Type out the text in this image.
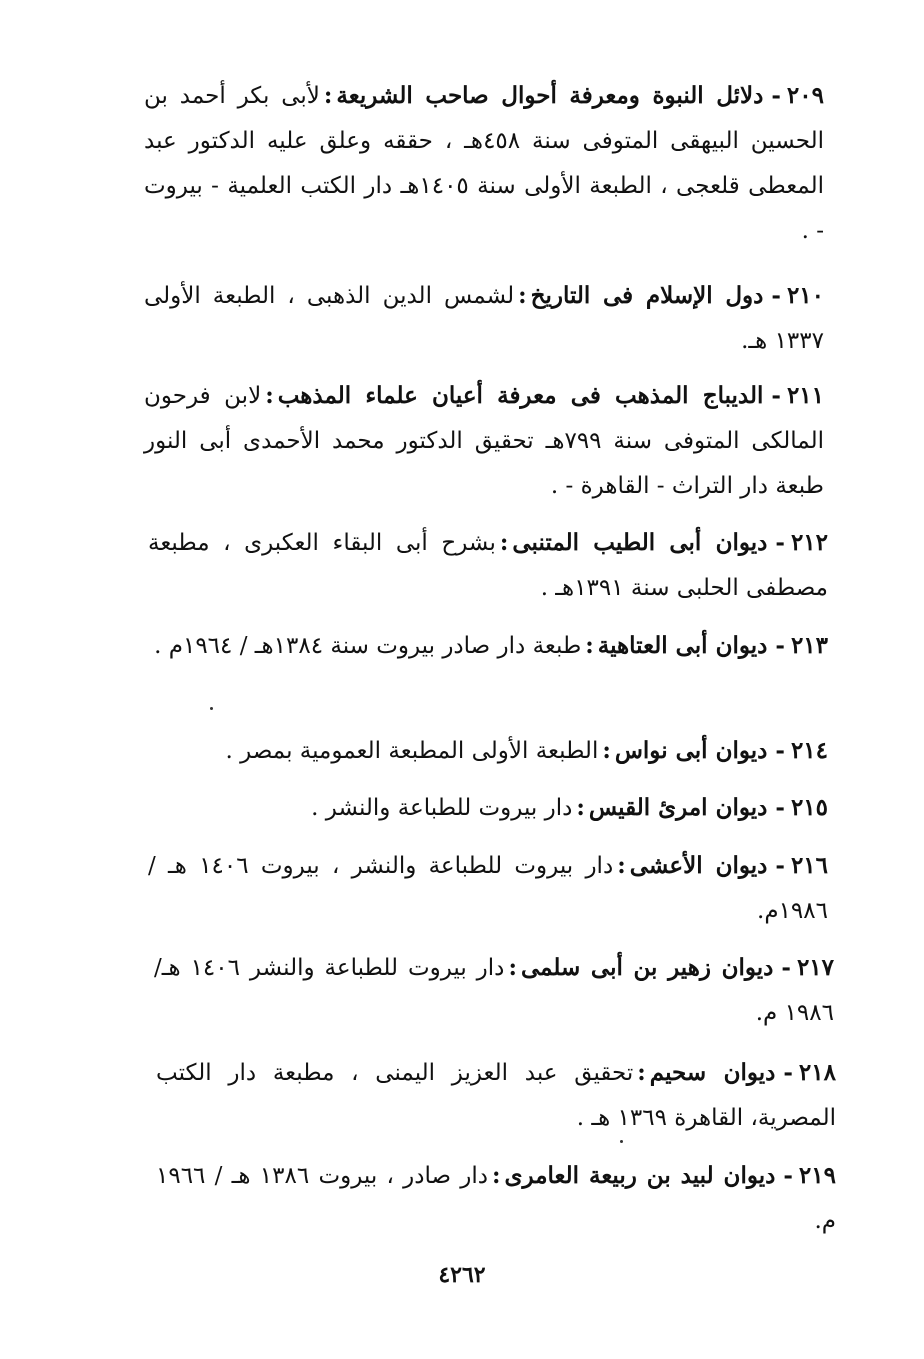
٢٠٩-دلائل النبوة ومعرفة أحوال صاحب الشريعة:لأبى بكر أحمد بن الحسين البيهقى المتوفى سنة ٤٥٨هـ ، حققه وعلق عليه الدكتور عبد المعطى قلعجى ، الطبعة الأولى سنة ١٤٠٥هـ دار الكتب العلمية - بيروت - .
٢١٠-دول الإسلام فى التاريخ:لشمس الدين الذهبى ، الطبعة الأولى ١٣٣٧ هـ.
٢١١-الديباج المذهب فى معرفة أعيان علماء المذهب:لابن فرحون المالكى المتوفى سنة ٧٩٩هـ تحقيق الدكتور محمد الأحمدى أبى النور طبعة دار التراث - القاهرة - .
٢١٢-ديوان أبى الطيب المتنبى:بشرح أبى البقاء العكبرى ، مطبعة مصطفى الحلبى سنة ١٣٩١هـ .
٢١٣-ديوان أبى العتاهية:طبعة دار صادر بيروت سنة ١٣٨٤هـ / ١٩٦٤م .
٢١٤-ديوان أبى نواس:الطبعة الأولى المطبعة العمومية بمصر .
٢١٥-ديوان امرئ القيس:دار بيروت للطباعة والنشر .
٢١٦-ديوان الأعشى:دار بيروت للطباعة والنشر ، بيروت ١٤٠٦ هـ / ١٩٨٦م.
٢١٧-ديوان زهير بن أبى سلمى:دار بيروت للطباعة والنشر ١٤٠٦ هـ/ ١٩٨٦ م.
٢١٨-ديوان سحيم:تحقيق عبد العزيز اليمنى ، مطبعة دار الكتب المصرية، القاهرة ١٣٦٩ هـ .
٢١٩-ديوان لبيد بن ربيعة العامرى:دار صادر ، بيروت ١٣٨٦ هـ / ١٩٦٦ م.
٤٢٦٢
